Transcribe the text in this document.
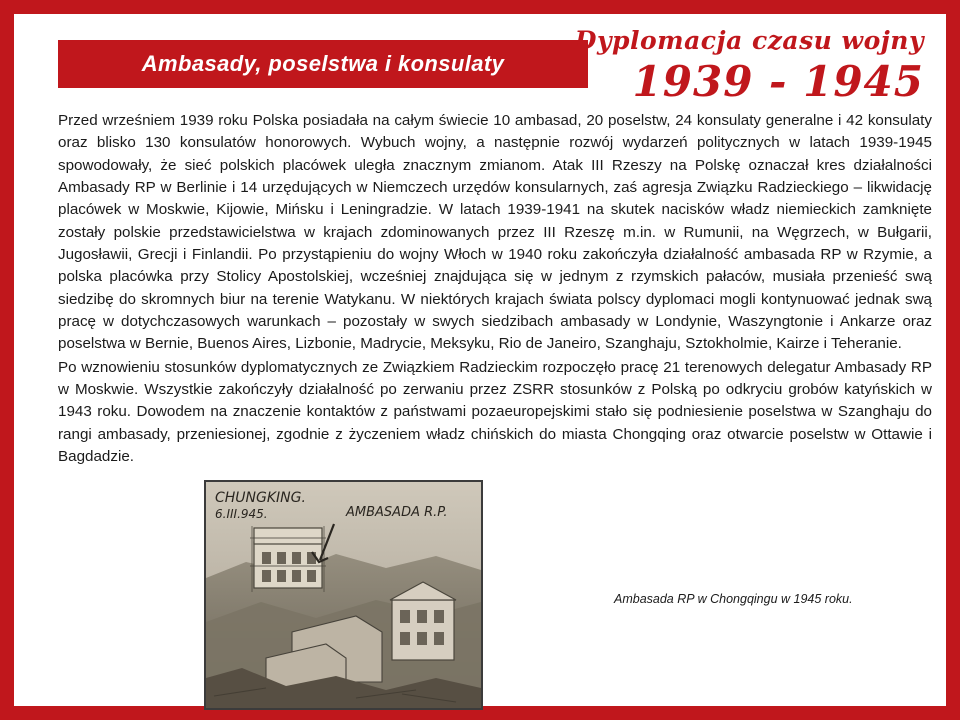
Ambasady, poselstwa i konsulaty
Dyplomacja czasu wojny
1939 - 1945

Przed wrześniem 1939 roku Polska posiadała na całym świecie 10 ambasad, 20 poselstw, 24 konsulaty generalne i 42 konsulaty oraz blisko 130 konsulatów honorowych. Wybuch wojny, a następnie rozwój wydarzeń politycznych w latach 1939-1945 spowodowały, że sieć polskich placówek uległa znacznym zmianom. Atak III Rzeszy na Polskę oznaczał kres działalności Ambasady RP w Berlinie i 14 urzędujących w Niemczech urzędów konsularnych, zaś agresja Związku Radzieckiego – likwidację placówek w Moskwie, Kijowie, Mińsku i Leningradzie. W latach 1939-1941 na skutek nacisków władz niemieckich zamknięte zostały polskie przedstawicielstwa w krajach zdominowanych przez III Rzeszę m.in. w Rumunii, na Węgrzech, w Bułgarii, Jugosławii, Grecji i Finlandii. Po przystąpieniu do wojny Włoch w 1940 roku zakończyła działalność ambasada RP w Rzymie, a polska placówka przy Stolicy Apostolskiej, wcześniej znajdująca się w jednym z rzymskich pałaców, musiała przenieść swą siedzibę do skromnych biur na terenie Watykanu. W niektórych krajach świata polscy dyplomaci mogli kontynuować jednak swą pracę w dotychczasowych warunkach – pozostały w swych siedzibach ambasady w Londynie, Waszyngtonie i Ankarze oraz poselstwa w Bernie, Buenos Aires, Lizbonie, Madrycie, Meksyku, Rio de Janeiro, Szanghaju, Sztokholmie, Kairze i Teheranie.

Po wznowieniu stosunków dyplomatycznych ze Związkiem Radzieckim rozpoczęło pracę 21 terenowych delegatur Ambasady RP w Moskwie. Wszystkie zakończyły działalność po zerwaniu przez ZSRR stosunków z Polską po odkryciu grobów katyńskich w 1943 roku. Dowodem na znaczenie kontaktów z państwami pozaeuropejskimi stało się podniesienie poselstwa w Szanghaju do rangi ambasady, przeniesionej, zgodnie z życzeniem władz chińskich do miasta Chongqing oraz otwarcie poselstw w Ottawie i Bagdadzie.

CHUNGKING.
6.III.945.	AMBASADA R.P.
Ambasada RP w Chongqingu w 1945 roku.
